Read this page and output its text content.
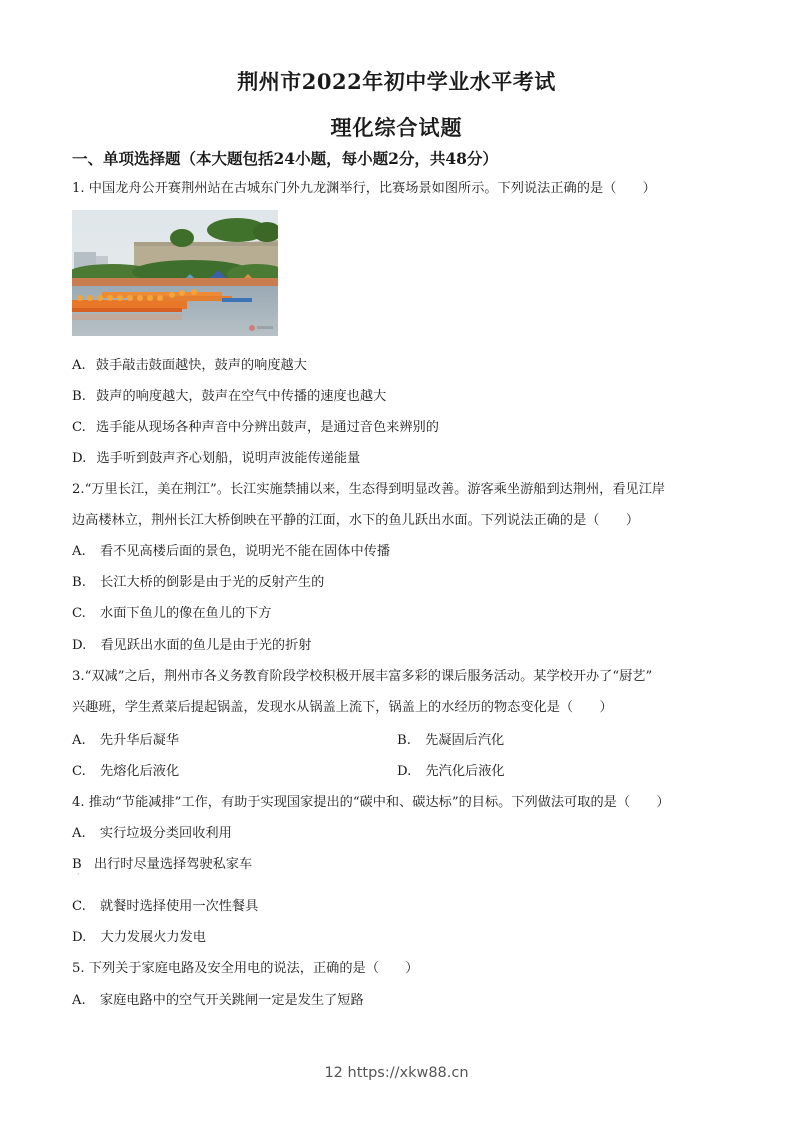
荆州市2022年初中学业水平考试
理化综合试题
一、单项选择题（本大题包括24小题，每小题2分，共48分）
1. 中国龙舟公开赛荆州站在古城东门外九龙渊举行，比赛场景如图所示。下列说法正确的是（　　）
A. 鼓手敲击鼓面越快，鼓声的响度越大
B. 鼓声的响度越大，鼓声在空气中传播的速度也越大
C. 选手能从现场各种声音中分辨出鼓声，是通过音色来辨别的
D. 选手听到鼓声齐心划船，说明声波能传递能量
2.“万里长江，美在荆江”。长江实施禁捕以来，生态得到明显改善。游客乘坐游船到达荆州，看见江岸
边高楼林立，荆州长江大桥倒映在平静的江面，水下的鱼儿跃出水面。下列说法正确的是（　　）
A. 看不见高楼后面的景色，说明光不能在固体中传播
B. 长江大桥的倒影是由于光的反射产生的
C. 水面下鱼儿的像在鱼儿的下方
D. 看见跃出水面的鱼儿是由于光的折射
3.“双减”之后，荆州市各义务教育阶段学校积极开展丰富多彩的课后服务活动。某学校开办了“厨艺”
兴趣班，学生煮菜后提起锅盖，发现水从锅盖上流下，锅盖上的水经历的物态变化是（　　）
A. 先升华后凝华	B. 先凝固后汽化
C. 先熔化后液化	D. 先汽化后液化
4. 推动“节能减排”工作，有助于实现国家提出的“碳中和、碳达标”的目标。下列做法可取的是（　　）
A. 实行垃圾分类回收利用
B 出行时尽量选择驾驶私家车
·
C. 就餐时选择使用一次性餐具
D. 大力发展火力发电
5. 下列关于家庭电路及安全用电的说法，正确的是（　　）
A. 家庭电路中的空气开关跳闸一定是发生了短路
12 https://xkw88.cn
